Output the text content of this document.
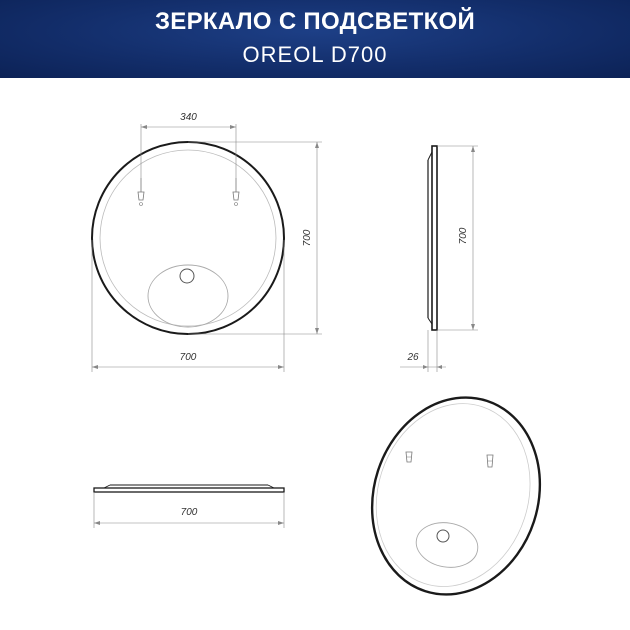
ЗЕРКАЛО С ПОДСВЕТКОЙ
OREOL D700
340
700
700
700
26
700
